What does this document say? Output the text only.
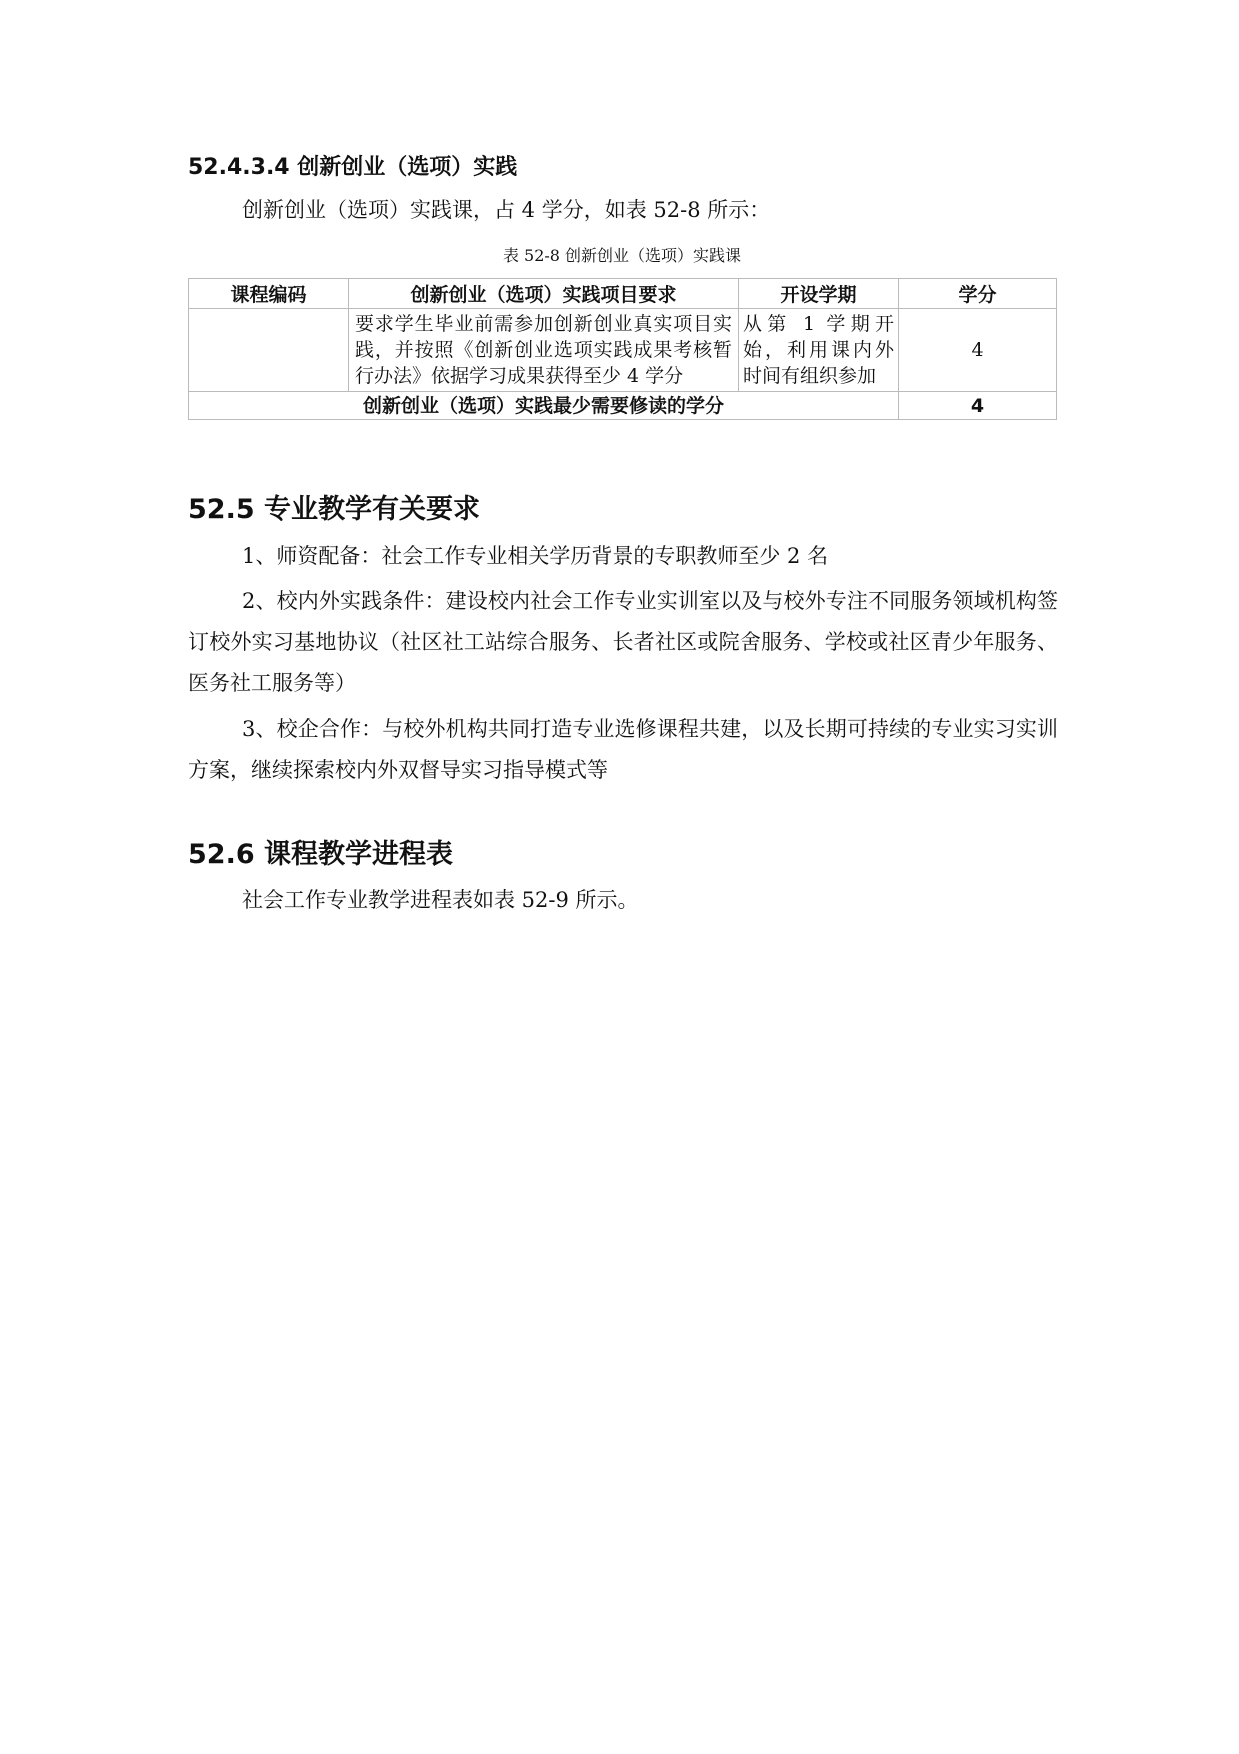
52.4.3.4 创新创业（选项）实践

创新创业（选项）实践课，占 4 学分，如表 52-8 所示：

表 52-8 创新创业（选项）实践课

课程编码	创新创业（选项）实践项目要求	开设学期	学分
	要求学生毕业前需参加创新创业真实项目实践，并按照《创新创业选项实践成果考核暂行办法》依据学习成果获得至少 4 学分	从第 1 学期开始，利用课内外时间有组织参加	4
创新创业（选项）实践最少需要修读的学分			4
52.5 专业教学有关要求

1、师资配备：社会工作专业相关学历背景的专职教师至少 2 名

2、校内外实践条件：建设校内社会工作专业实训室以及与校外专注不同服务领域机构签订校外实习基地协议（社区社工站综合服务、长者社区或院舍服务、学校或社区青少年服务、医务社工服务等）

3、校企合作：与校外机构共同打造专业选修课程共建，以及长期可持续的专业实习实训方案，继续探索校内外双督导实习指导模式等

52.6 课程教学进程表

社会工作专业教学进程表如表 52-9 所示。
